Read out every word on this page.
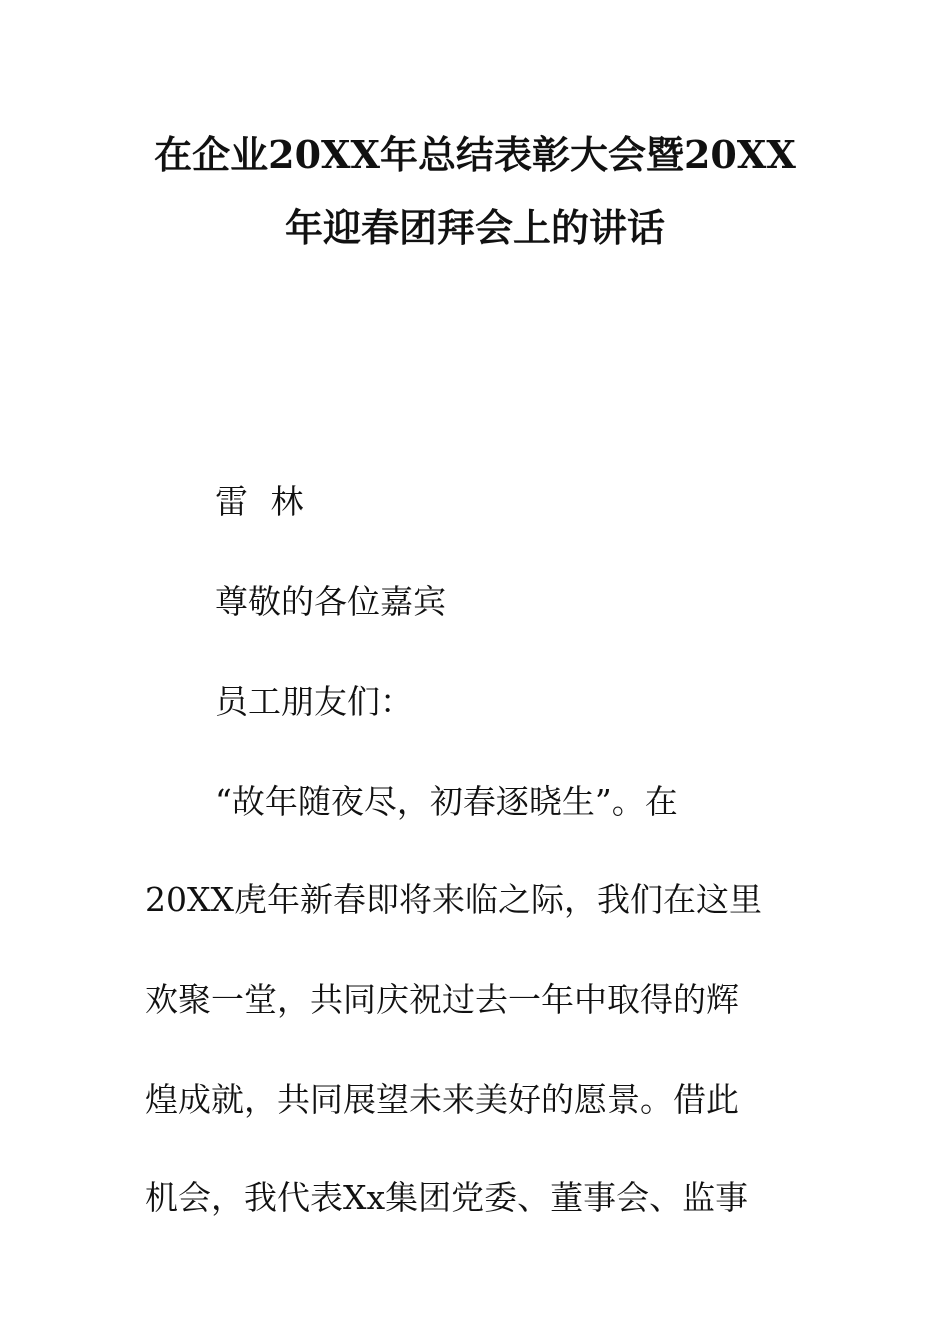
在企业20XX年总结表彰大会暨20XX
年迎春团拜会上的讲话
雷 林
尊敬的各位嘉宾
员工朋友们：
“故年随夜尽，初春逐晓生”。在
20XX虎年新春即将来临之际，我们在这里
欢聚一堂，共同庆祝过去一年中取得的辉
煌成就，共同展望未来美好的愿景。借此
机会，我代表Xx集团党委、董事会、监事
